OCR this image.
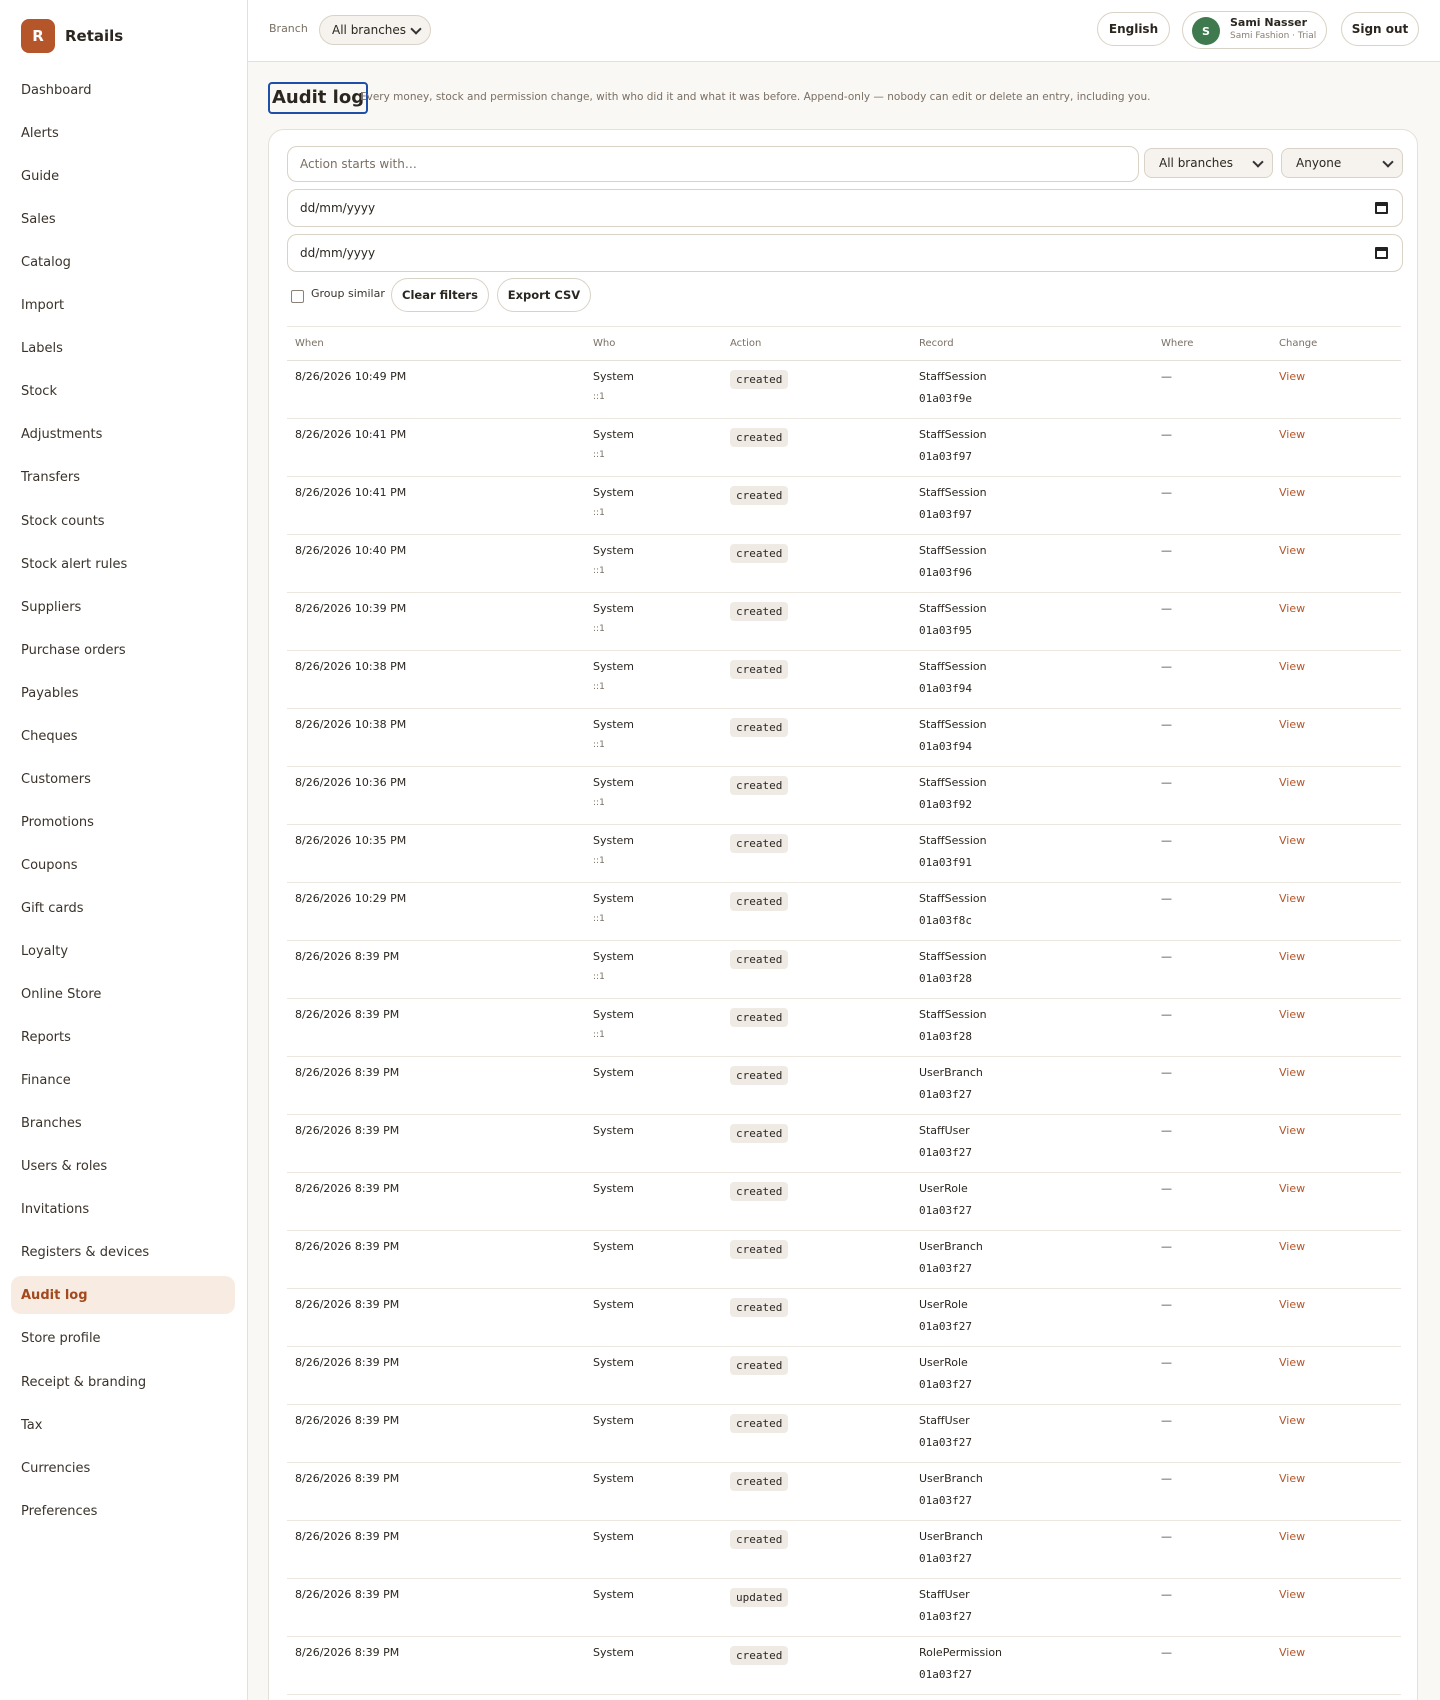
R	Retails
Dashboard
Alerts
Guide
Sales
Catalog
Import
Labels
Stock
Adjustments
Transfers
Stock counts
Stock alert rules
Suppliers
Purchase orders
Payables
Cheques
Customers
Promotions
Coupons
Gift cards
Loyalty
Online Store
Reports
Finance
Branches
Users & roles
Invitations
Registers & devices
Audit log
Store profile
Receipt & branding
Tax
Currencies
Preferences
Branch All branches	English	S
Sami Nasser
Sami Fashion · Trial	Sign out
Audit log

Every money, stock and permission change, with who did it and what it was before. Append-only — nobody can edit or delete an entry, including you.

Action starts with…	All branches	Anyone
dd/mm/yyyy
dd/mm/yyyy
Group similar	Clear filters	Export CSV
When	Who	Action	Record	Where	Change
8/26/2026 10:49 PM	System
::1
created	StaffSession
01a03f9e
—	View
8/26/2026 10:41 PM	System
::1
created	StaffSession
01a03f97
—	View
8/26/2026 10:41 PM	System
::1
created	StaffSession
01a03f97
—	View
8/26/2026 10:40 PM	System
::1
created	StaffSession
01a03f96
—	View
8/26/2026 10:39 PM	System
::1
created	StaffSession
01a03f95
—	View
8/26/2026 10:38 PM	System
::1
created	StaffSession
01a03f94
—	View
8/26/2026 10:38 PM	System
::1
created	StaffSession
01a03f94
—	View
8/26/2026 10:36 PM	System
::1
created	StaffSession
01a03f92
—	View
8/26/2026 10:35 PM	System
::1
created	StaffSession
01a03f91
—	View
8/26/2026 10:29 PM	System
::1
created	StaffSession
01a03f8c
—	View
8/26/2026 8:39 PM	System
::1
created	StaffSession
01a03f28
—	View
8/26/2026 8:39 PM	System
::1
created	StaffSession
01a03f28
—	View
8/26/2026 8:39 PM	System	created	UserBranch
01a03f27
—	View
8/26/2026 8:39 PM	System	created	StaffUser
01a03f27
—	View
8/26/2026 8:39 PM	System	created	UserRole
01a03f27
—	View
8/26/2026 8:39 PM	System	created	UserBranch
01a03f27
—	View
8/26/2026 8:39 PM	System	created	UserRole
01a03f27
—	View
8/26/2026 8:39 PM	System	created	UserRole
01a03f27
—	View
8/26/2026 8:39 PM	System	created	StaffUser
01a03f27
—	View
8/26/2026 8:39 PM	System	created	UserBranch
01a03f27
—	View
8/26/2026 8:39 PM	System	created	UserBranch
01a03f27
—	View
8/26/2026 8:39 PM	System	updated	StaffUser
01a03f27
—	View
8/26/2026 8:39 PM	System	created	RolePermission
01a03f27
—	View
